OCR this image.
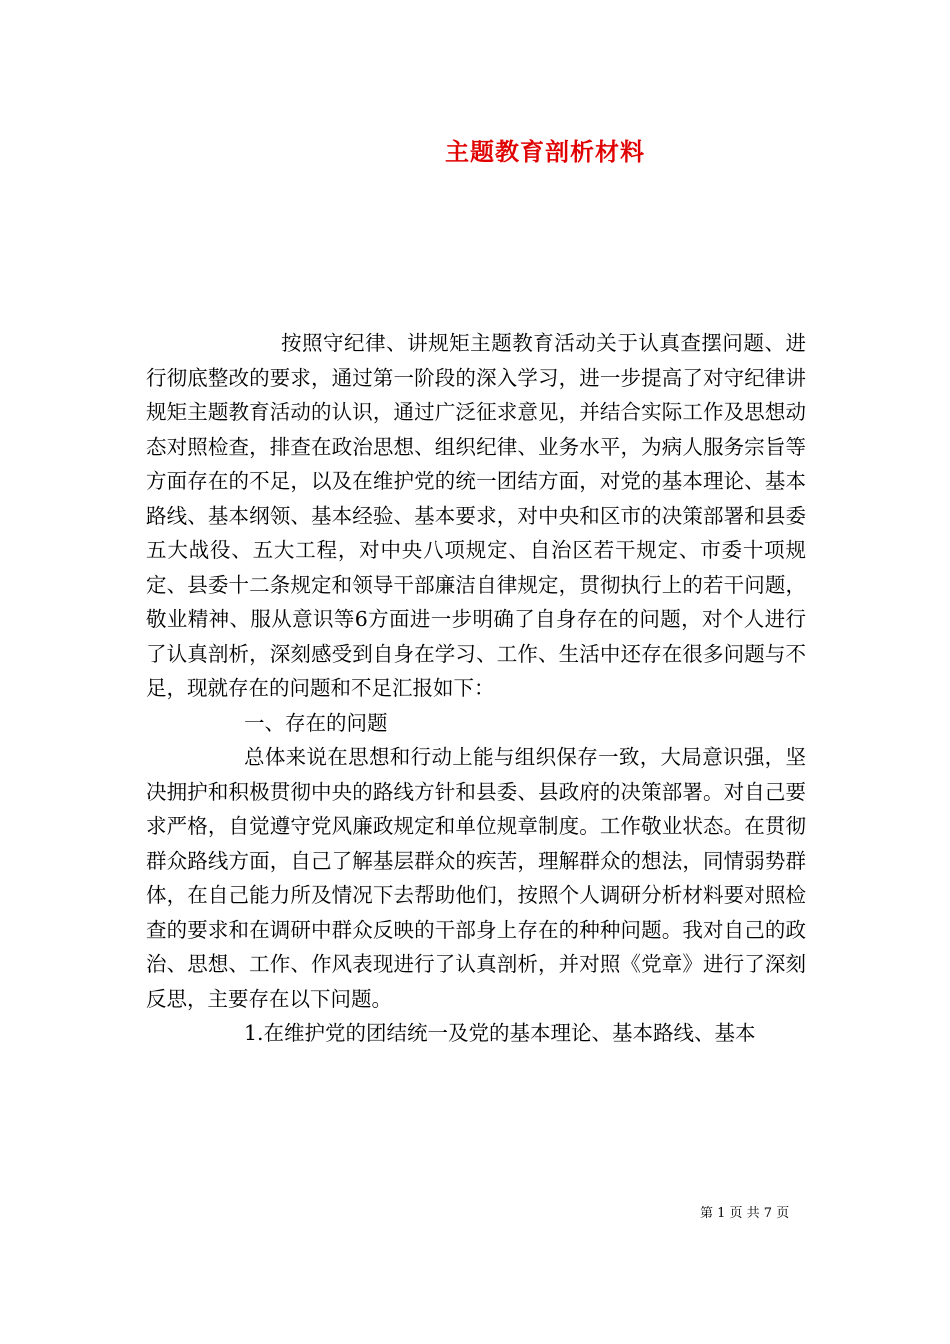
主题教育剖析材料

按照守纪律、讲规矩主题教育活动关于认真查摆问题、进行彻底整改的要求，通过第一阶段的深入学习，进一步提高了对守纪律讲规矩主题教育活动的认识，通过广泛征求意见，并结合实际工作及思想动态对照检查，排查在政治思想、组织纪律、业务水平，为病人服务宗旨等方面存在的不足，以及在维护党的统一团结方面，对党的基本理论、基本路线、基本纲领、基本经验、基本要求，对中央和区市的决策部署和县委五大战役、五大工程，对中央八项规定、自治区若干规定、市委十项规定、县委十二条规定和领导干部廉洁自律规定，贯彻执行上的若干问题，敬业精神、服从意识等6方面进一步明确了自身存在的问题，对个人进行了认真剖析，深刻感受到自身在学习、工作、生活中还存在很多问题与不足，现就存在的问题和不足汇报如下：

一、存在的问题

总体来说在思想和行动上能与组织保存一致，大局意识强，坚决拥护和积极贯彻中央的路线方针和县委、县政府的决策部署。对自己要求严格，自觉遵守党风廉政规定和单位规章制度。工作敬业状态。在贯彻群众路线方面，自己了解基层群众的疾苦，理解群众的想法，同情弱势群体，在自己能力所及情况下去帮助他们，按照个人调研分析材料要对照检查的要求和在调研中群众反映的干部身上存在的种种问题。我对自己的政治、思想、工作、作风表现进行了认真剖析，并对照《党章》进行了深刻反思，主要存在以下问题。

1.在维护党的团结统一及党的基本理论、基本路线、基本

第 1 页 共 7 页
